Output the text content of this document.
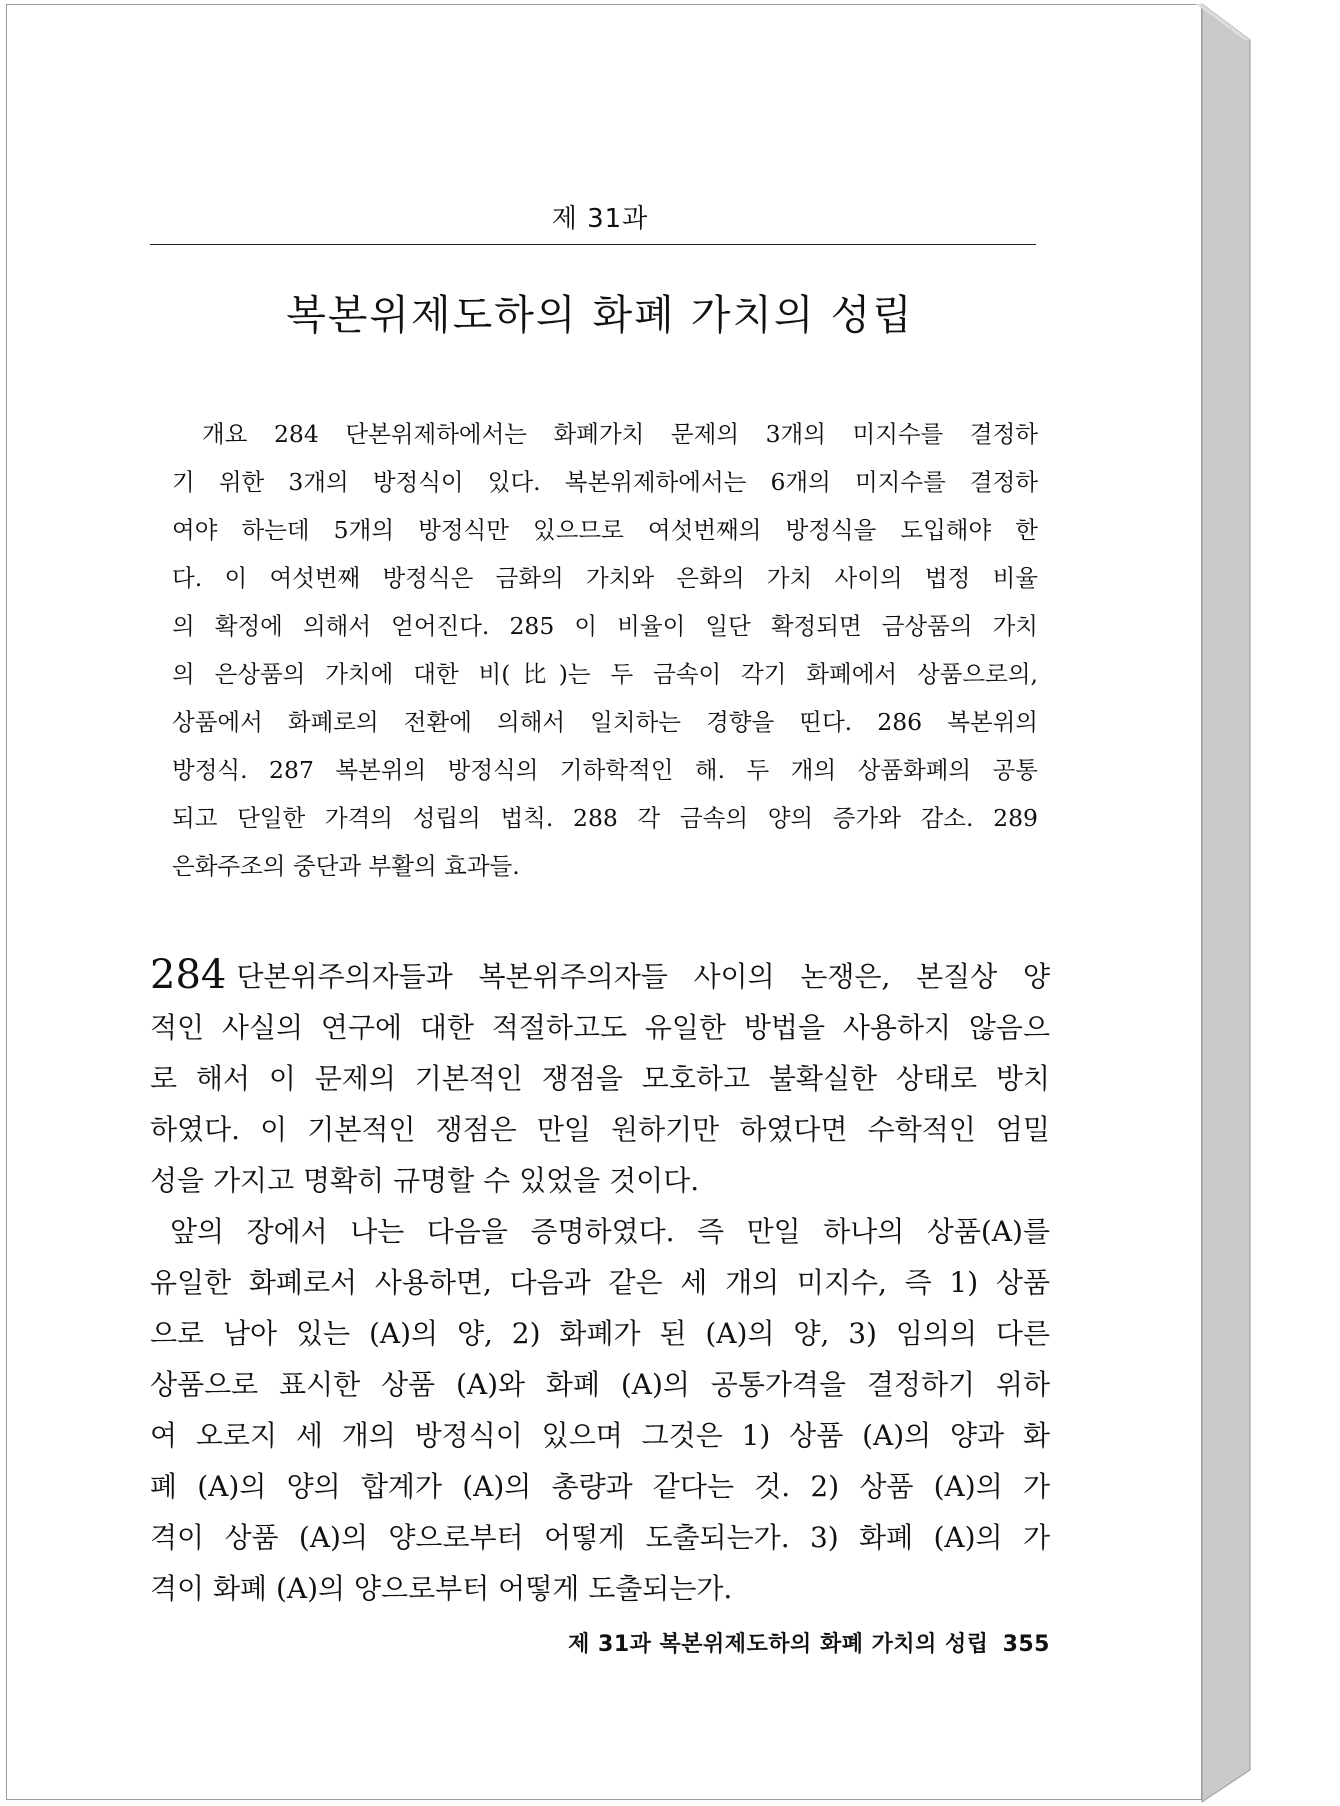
제 31과
복본위제도하의 화폐 가치의 성립
개요 284 단본위제하에서는 화폐가치 문제의 3개의 미지수를 결정하
기 위한 3개의 방정식이 있다. 복본위제하에서는 6개의 미지수를 결정하
여야 하는데 5개의 방정식만 있으므로 여섯번째의 방정식을 도입해야 한
다. 이 여섯번째 방정식은 금화의 가치와 은화의 가치 사이의 법정 비율
의 확정에 의해서 얻어진다. 285 이 비율이 일단 확정되면 금상품의 가치
의 은상품의 가치에 대한 비(比)는 두 금속이 각기 화폐에서 상품으로의,
상품에서 화폐로의 전환에 의해서 일치하는 경향을 띤다. 286 복본위의
방정식. 287 복본위의 방정식의 기하학적인 해. 두 개의 상품화폐의 공통
되고 단일한 가격의 성립의 법칙. 288 각 금속의 양의 증가와 감소. 289
은화주조의 중단과 부활의 효과들.
284 단본위주의자들과 복본위주의자들 사이의 논쟁은, 본질상 양
적인 사실의 연구에 대한 적절하고도 유일한 방법을 사용하지 않음으
로 해서 이 문제의 기본적인 쟁점을 모호하고 불확실한 상태로 방치
하였다. 이 기본적인 쟁점은 만일 원하기만 하였다면 수학적인 엄밀
성을 가지고 명확히 규명할 수 있었을 것이다.
앞의 장에서 나는 다음을 증명하였다. 즉 만일 하나의 상품(A)를
유일한 화폐로서 사용하면, 다음과 같은 세 개의 미지수, 즉 1) 상품
으로 남아 있는 (A)의 양, 2) 화폐가 된 (A)의 양, 3) 임의의 다른
상품으로 표시한 상품 (A)와 화폐 (A)의 공통가격을 결정하기 위하
여 오로지 세 개의 방정식이 있으며 그것은 1) 상품 (A)의 양과 화
폐 (A)의 양의 합계가 (A)의 총량과 같다는 것. 2) 상품 (A)의 가
격이 상품 (A)의 양으로부터 어떻게 도출되는가. 3) 화폐 (A)의 가
격이 화폐 (A)의 양으로부터 어떻게 도출되는가.
제 31과 복본위제도하의 화폐 가치의 성립 355
